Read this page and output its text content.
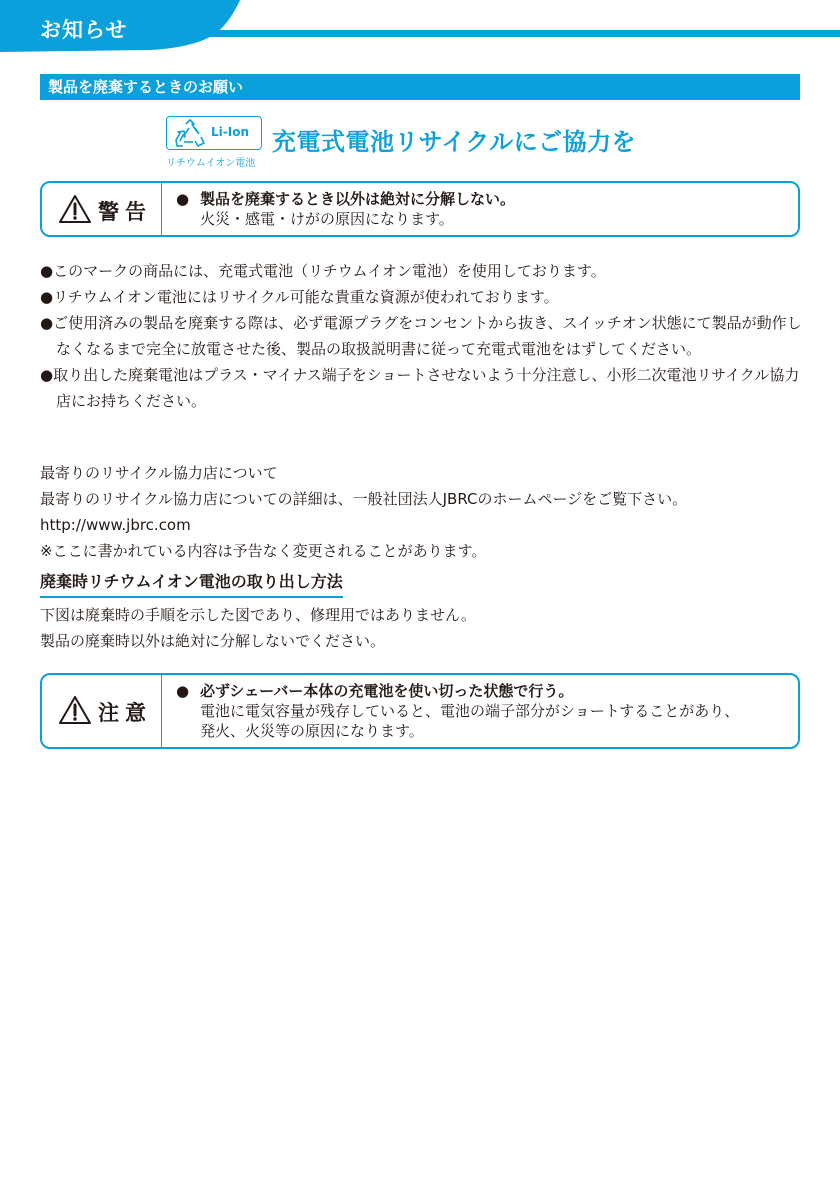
お知らせ
製品を廃棄するときのお願い
Li-Ion
リチウムイオン電池
充電式電池リサイクルにご協力を
警告
● 製品を廃棄するとき以外は絶対に分解しない。
火災・感電・けがの原因になります。
●このマークの商品には、充電式電池（リチウムイオン電池）を使用しております。
●リチウムイオン電池にはリサイクル可能な貴重な資源が使われております。
●ご使用済みの製品を廃棄する際は、必ず電源プラグをコンセントから抜き、スイッチオン状態にて製品が動作しなくなるまで完全に放電させた後、製品の取扱説明書に従って充電式電池をはずしてください。
●取り出した廃棄電池はプラス・マイナス端子をショートさせないよう十分注意し、小形二次電池リサイクル協力店にお持ちください。
最寄りのリサイクル協力店について
最寄りのリサイクル協力店についての詳細は、一般社団法人JBRCのホームページをご覧下さい。
http://www.jbrc.com
※ここに書かれている内容は予告なく変更されることがあります。
廃棄時リチウムイオン電池の取り出し方法
下図は廃棄時の手順を示した図であり、修理用ではありません。
製品の廃棄時以外は絶対に分解しないでください。
注意
● 必ずシェーバー本体の充電池を使い切った状態で行う。
電池に電気容量が残存していると、電池の端子部分がショートすることがあり、
発火、火災等の原因になります。
